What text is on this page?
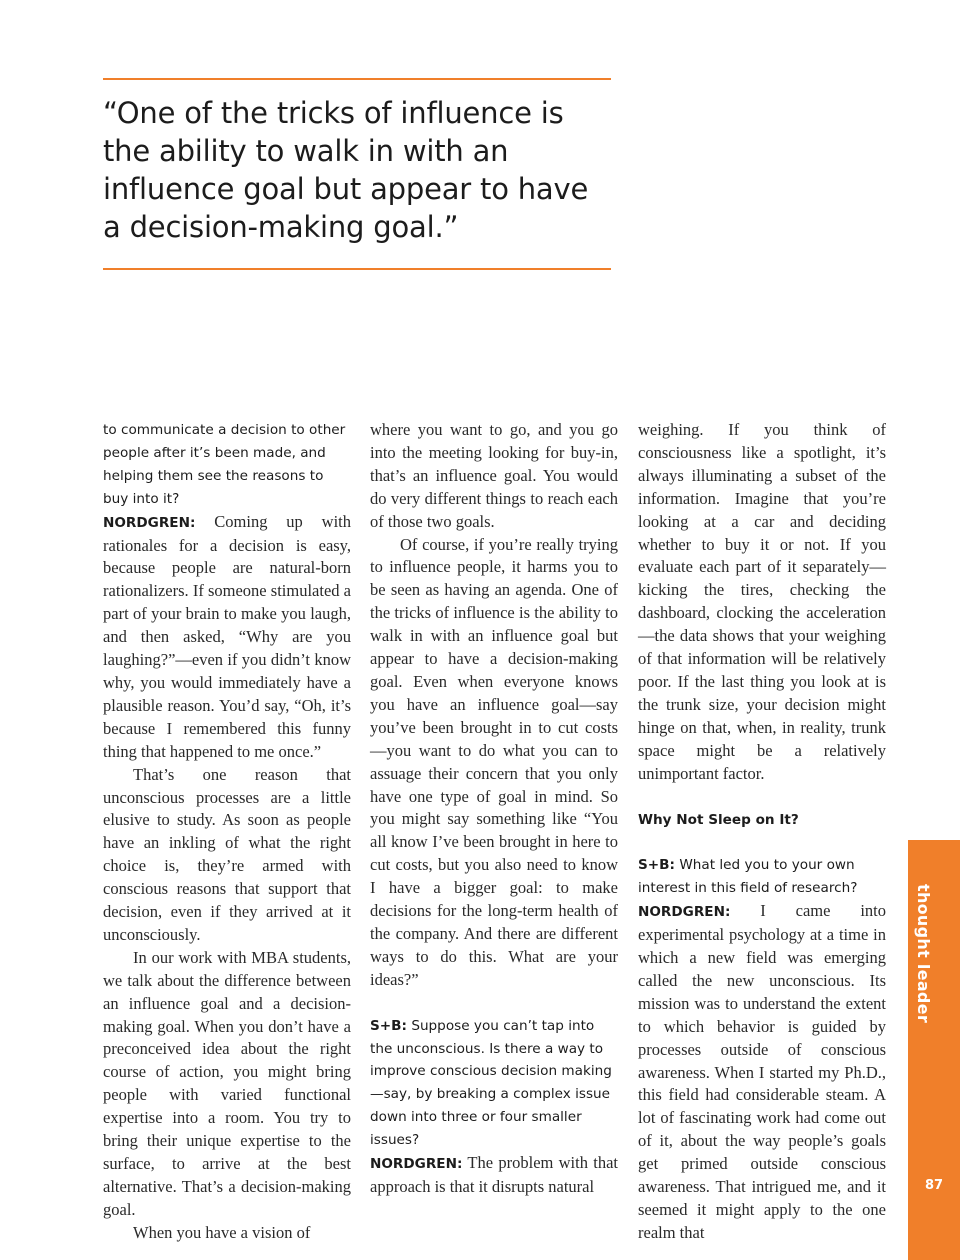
“One of the tricks of influence is the ability to walk in with an influence goal but appear to have a decision-making goal.”

to communicate a decision to other people after it’s been made, and helping them see the reasons to buy into it?

NORDGREN: Coming up with rationales for a decision is easy, because people are natural-born rationalizers. If someone stimulated a part of your brain to make you laugh, and then asked, “Why are you laughing?”—even if you didn’t know why, you would immediately have a plausible reason. You’d say, “Oh, it’s because I remembered this funny thing that happened to me once.”

That’s one reason that unconscious processes are a little elusive to study. As soon as people have an inkling of what the right choice is, they’re armed with conscious reasons that support that decision, even if they arrived at it unconsciously.

In our work with MBA students, we talk about the difference between an influence goal and a decision-making goal. When you don’t have a preconceived idea about the right course of action, you might bring people with varied functional expertise into a room. You try to bring their unique expertise to the surface, to arrive at the best alternative. That’s a decision-making goal.

When you have a vision of

where you want to go, and you go into the meeting looking for buy-in, that’s an influence goal. You would do very different things to reach each of those two goals.

Of course, if you’re really trying to influence people, it harms you to be seen as having an agenda. One of the tricks of influence is the ability to walk in with an influence goal but appear to have a decision-making goal. Even when everyone knows you have an influence goal—say you’ve been brought in to cut costs—you want to do what you can to assuage their concern that you only have one type of goal in mind. So you might say something like “You all know I’ve been brought in here to cut costs, but you also need to know I have a bigger goal: to make decisions for the long-term health of the company. And there are different ways to do this. What are your ideas?”

S+B: Suppose you can’t tap into the unconscious. Is there a way to improve conscious decision making—say, by breaking a complex issue down into three or four smaller issues?

NORDGREN: The problem with that approach is that it disrupts natural

weighing. If you think of consciousness like a spotlight, it’s always illuminating a subset of the information. Imagine that you’re looking at a car and deciding whether to buy it or not. If you evaluate each part of it separately—kicking the tires, checking the dashboard, clocking the acceleration—the data shows that your weighing of that information will be relatively poor. If the last thing you look at is the trunk size, your decision might hinge on that, when, in reality, trunk space might be a relatively unimportant factor.

Why Not Sleep on It?

S+B: What led you to your own interest in this field of research?

NORDGREN: I came into experimental psychology at a time in which a new field was emerging called the new unconscious. Its mission was to understand the extent to which behavior is guided by processes outside of conscious awareness. When I started my Ph.D., this field had considerable steam. A lot of fascinating work had come out of it, about the way people’s goals get primed outside conscious awareness. That intrigued me, and it seemed it might apply to the one realm that

thought leader
87
